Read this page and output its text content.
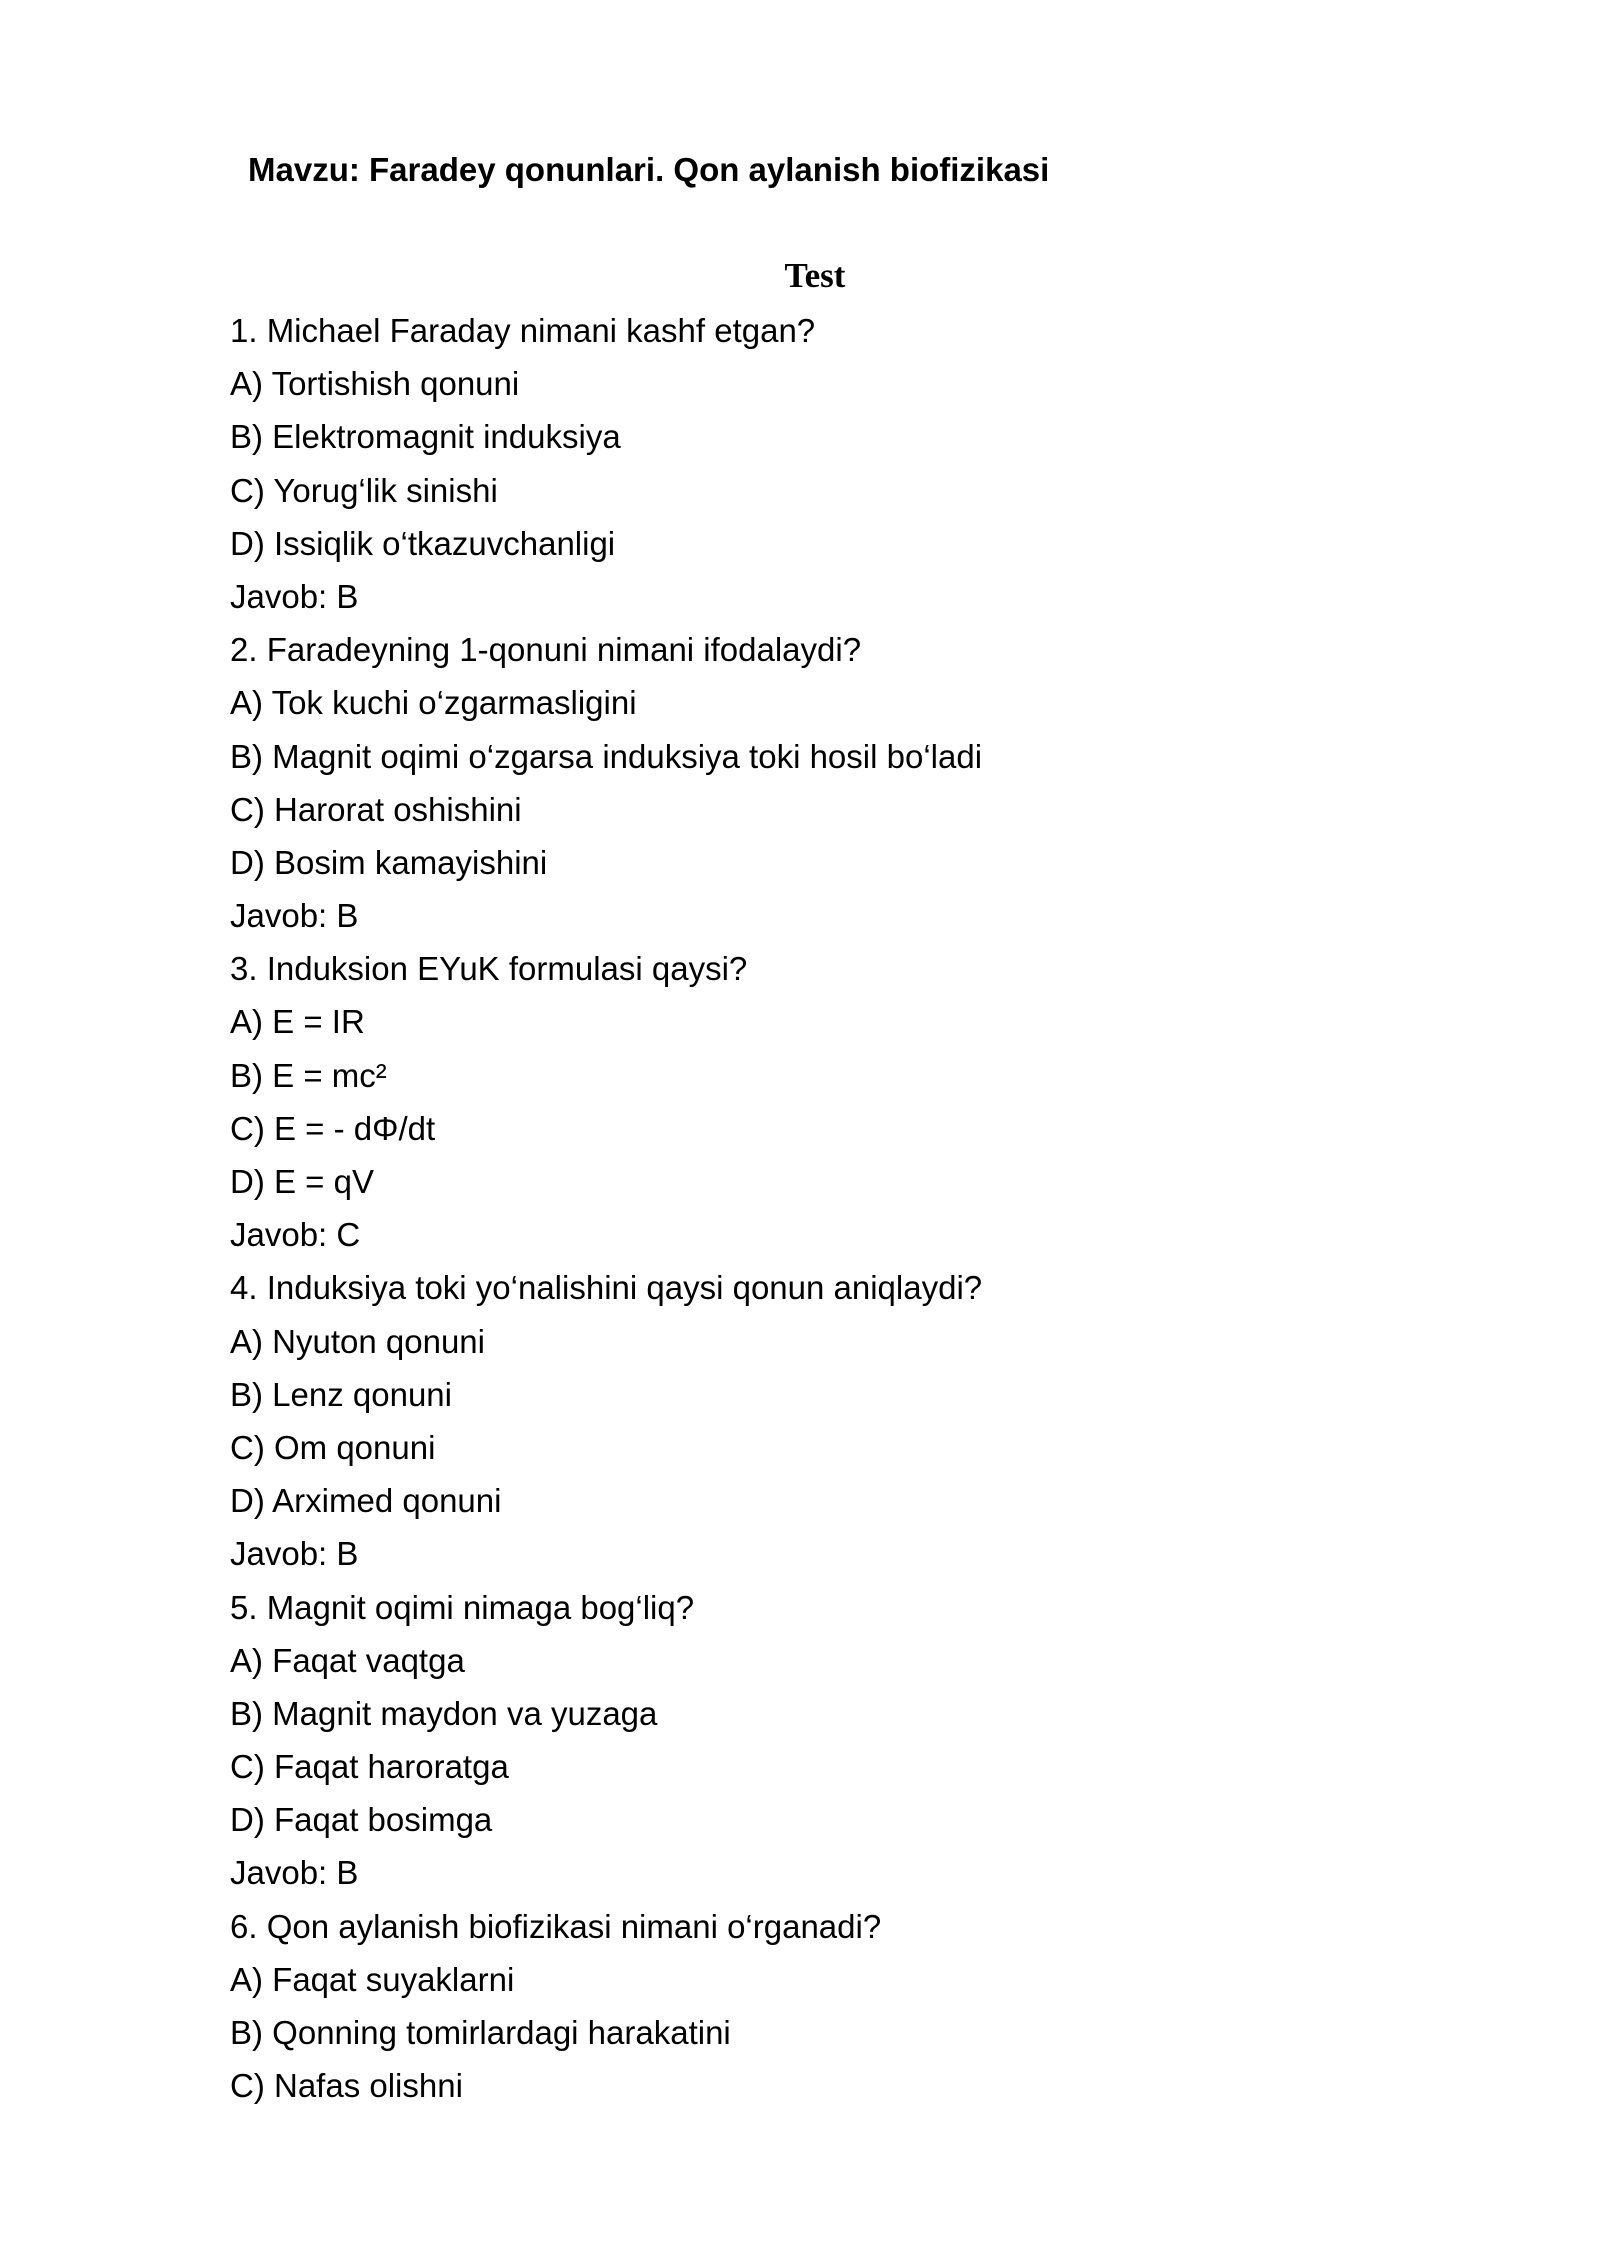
Mavzu: Faradey qonunlari. Qon aylanish biofizikasi
Test
1. Michael Faraday nimani kashf etgan?
A) Tortishish qonuni
B) Elektromagnit induksiya
C) Yorug‘lik sinishi
D) Issiqlik o‘tkazuvchanligi
Javob: B
2. Faradeyning 1-qonuni nimani ifodalaydi?
A) Tok kuchi o‘zgarmasligini
B) Magnit oqimi o‘zgarsa induksiya toki hosil bo‘ladi
C) Harorat oshishini
D) Bosim kamayishini
Javob: B
3. Induksion EYuK formulasi qaysi?
A) E = IR
B) E = mc²
C) E = - dΦ/dt
D) E = qV
Javob: C
4. Induksiya toki yo‘nalishini qaysi qonun aniqlaydi?
A) Nyuton qonuni
B) Lenz qonuni
C) Om qonuni
D) Arximed qonuni
Javob: B
5. Magnit oqimi nimaga bog‘liq?
A) Faqat vaqtga
B) Magnit maydon va yuzaga
C) Faqat haroratga
D) Faqat bosimga
Javob: B
6. Qon aylanish biofizikasi nimani o‘rganadi?
A) Faqat suyaklarni
B) Qonning tomirlardagi harakatini
C) Nafas olishni
